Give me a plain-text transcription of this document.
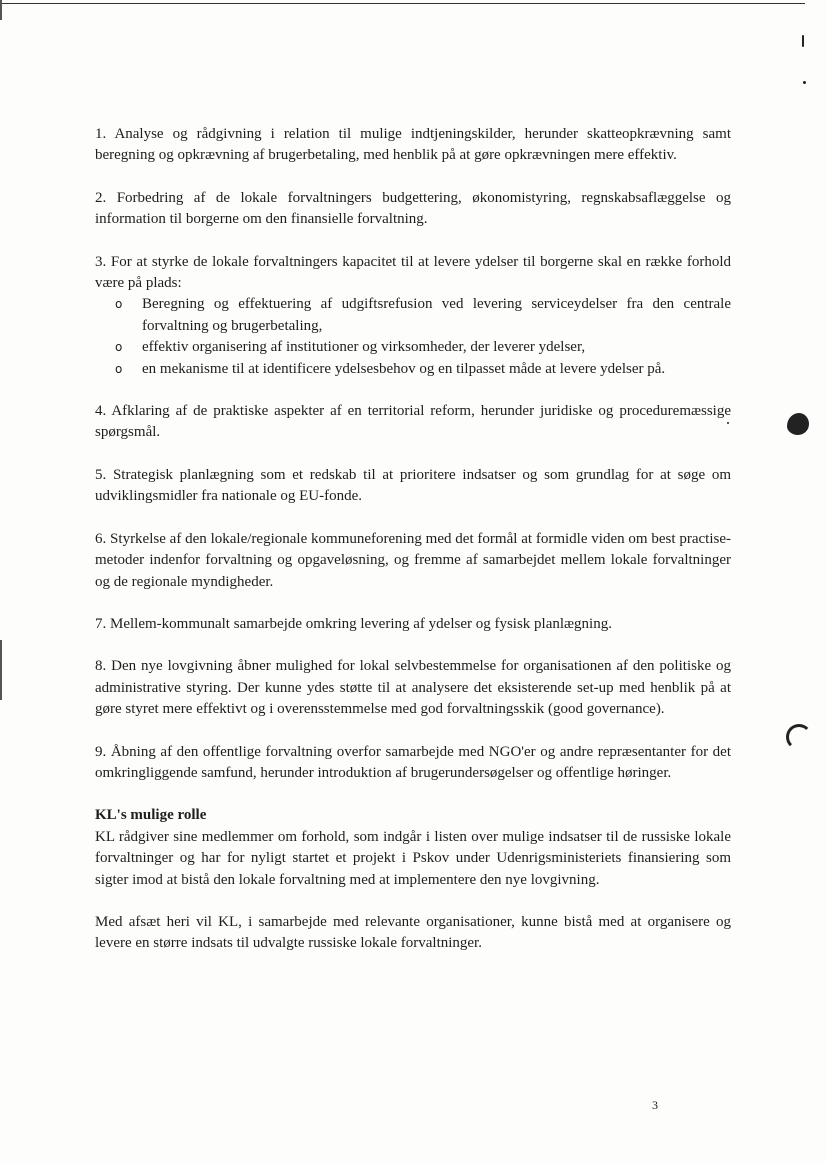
1. Analyse og rådgivning i relation til mulige indtjeningskilder, herunder skatteopkrævning samt beregning og opkrævning af brugerbetaling, med henblik på at gøre opkrævningen mere effektiv.

2. Forbedring af de lokale forvaltningers budgettering, økonomistyring, regnskabsaflæggelse og information til borgerne om den finansielle forvaltning.

3. For at styrke de lokale forvaltningers kapacitet til at levere ydelser til borgerne skal en række forhold være på plads:
o Beregning og effektuering af udgiftsrefusion ved levering serviceydelser fra den centrale forvaltning og brugerbetaling,
o effektiv organisering af institutioner og virksomheder, der leverer ydelser,
o en mekanisme til at identificere ydelsesbehov og en tilpasset måde at levere ydelser på.

4. Afklaring af de praktiske aspekter af en territorial reform, herunder juridiske og proceduremæssige spørgsmål.

5. Strategisk planlægning som et redskab til at prioritere indsatser og som grundlag for at søge om udviklingsmidler fra nationale og EU-fonde.

6. Styrkelse af den lokale/regionale kommuneforening med det formål at formidle viden om best practise-metoder indenfor forvaltning og opgaveløsning, og fremme af samarbejdet mellem lokale forvaltninger og de regionale myndigheder.

7. Mellem-kommunalt samarbejde omkring levering af ydelser og fysisk planlægning.

8. Den nye lovgivning åbner mulighed for lokal selvbestemmelse for organisationen af den politiske og administrative styring. Der kunne ydes støtte til at analysere det eksisterende set-up med henblik på at gøre styret mere effektivt og i overensstemmelse med god forvaltningsskik (good governance).

9. Åbning af den offentlige forvaltning overfor samarbejde med NGO'er og andre repræsentanter for det omkringliggende samfund, herunder introduktion af brugerundersøgelser og offentlige høringer.

KL's mulige rolle

KL rådgiver sine medlemmer om forhold, som indgår i listen over mulige indsatser til de russiske lokale forvaltninger og har for nyligt startet et projekt i Pskov under Udenrigsministeriets finansiering som sigter imod at bistå den lokale forvaltning med at implementere den nye lovgivning.

Med afsæt heri vil KL, i samarbejde med relevante organisationer, kunne bistå med at organisere og levere en større indsats til udvalgte russiske lokale forvaltninger.

3
